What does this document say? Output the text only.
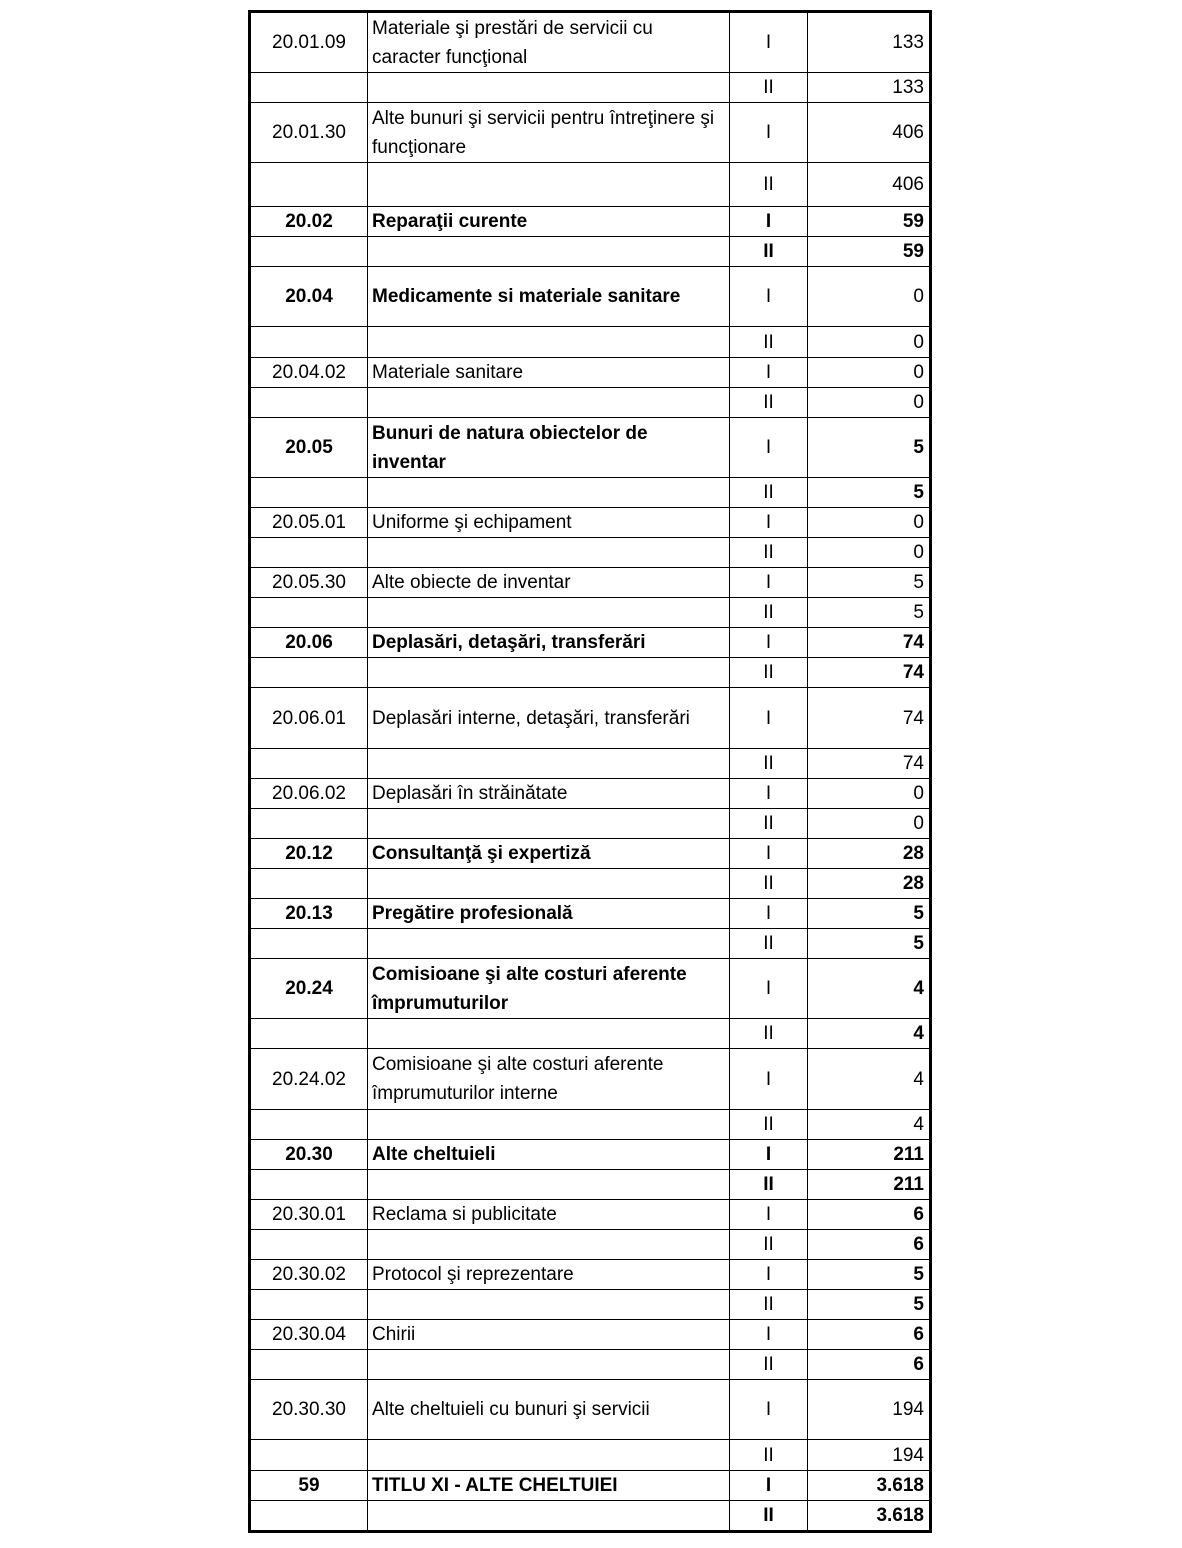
20.01.09	Materiale şi prestări de servicii cu caracter funcţional	I	133
		II	133
20.01.30	Alte bunuri şi servicii pentru întreţinere şi funcţionare	I	406
		II	406
20.02	Reparaţii curente	I	59
		II	59
20.04	Medicamente si materiale sanitare	I	0
		II	0
20.04.02	Materiale sanitare	I	0
		II	0
20.05	Bunuri de natura obiectelor de inventar	I	5
		II	5
20.05.01	Uniforme şi echipament	I	0
		II	0
20.05.30	Alte obiecte de inventar	I	5
		II	5
20.06	Deplasări, detaşări, transferări	I	74
		II	74
20.06.01	Deplasări interne, detaşări, transferări	I	74
		II	74
20.06.02	Deplasări în străinătate	I	0
		II	0
20.12	Consultanţă şi expertiză	I	28
		II	28
20.13	Pregătire profesională	I	5
		II	5
20.24	Comisioane şi alte costuri aferente împrumuturilor	I	4
		II	4
20.24.02	Comisioane şi alte costuri aferente împrumuturilor interne	I	4
		II	4
20.30	Alte cheltuieli	I	211
		II	211
20.30.01	Reclama si publicitate	I	6
		II	6
20.30.02	Protocol şi reprezentare	I	5
		II	5
20.30.04	Chirii	I	6
		II	6
20.30.30	Alte cheltuieli cu bunuri şi servicii	I	194
		II	194
59	TITLU XI - ALTE CHELTUIEI	I	3.618
		II	3.618
